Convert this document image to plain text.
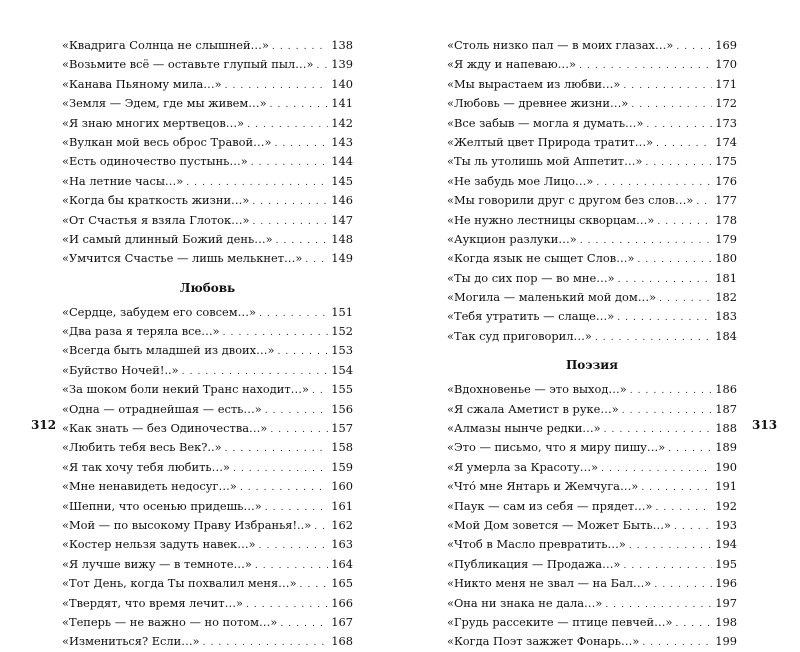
«Квадрига Солнца не слышней…» . . .	138
«Возьмите всё — оставьте глупый пыл…» . . . 139
«Канава Пьяному мила…» . . .	140
«Земля — Эдем, где мы живем…» . . .	141
«Я знаю многих мертвецов…» . . .	142
«Вулкан мой весь оброс Травой…» . . .	143
«Есть одиночество пустынь…» . . .	144
«На летние часы…» . . .	145
«Когда бы краткость жизни…» . . .	146
«От Счастья я взяла Глоток…» . . .	147
«И самый длинный Божий день…» . . .	148
«Умчится Счастье — лишь мелькнет…» . . .	149
Любовь
«Сердце, забудем его совсем…» . . .	151
«Два раза я теряла все…» . . .	152
«Всегда быть младшей из двоих…» . . .	153
«Буйство Ночей!..» . . .	154
«За шоком боли некий Транс находит…» . . . 155
«Одна — отраднейшая — есть…» . . .	156
«Как знать — без Одиночества…» . . .	157
«Любить тебя весь Век?..» . . .	158
«Я так хочу тебя любить…» . . .	159
«Мне ненавидеть недосуг…» . . .	160
«Шепни, что осенью придешь…» . . .	161
«Мой — по высокому Праву Избранья!..» . . . 162
«Костер нельзя задуть навек…» . . .	163
«Я лучше вижу — в темноте…» . . .	164
«Тот День, когда Ты похвалил меня…» . . .	165
«Твердят, что время лечит…» . . .	166
«Теперь — не важно — но потом…» . . .	167
«Измениться? Если…» . . .	168
«Столь низко пал — в моих глазах…» . . .	169
«Я жду и напеваю…» . . .	170
«Мы вырастаем из любви…» . . .	171
«Любовь — древнее жизни…» . . .	172
«Все забыв — могла я думать…» . . .	173
«Желтый цвет Природа тратит…» . . .	174
«Ты ль утолишь мой Аппетит…» . . .	175
«Не забудь мое Лицо…» . . .	176
«Мы говорили друг с другом без слов…» . . . 177
«Не нужно лестницы скворцам…» . . .	178
«Аукцион разлуки…» . . .	179
«Когда язык не сыщет Слов…» . . .	180
«Ты до сих пор — во мне…» . . .	181
«Могила — маленький мой дом…» . . .	182
«Тебя утратить — слаще…» . . .	183
«Так суд приговорил…» . . .	184
Поэзия
«Вдохновенье — это выход…» . . .	186
«Я сжала Аметист в руке…» . . .	187
«Алмазы нынче редки…» . . .	188
«Это — письмо, что я миру пишу…» . . .	189
«Я умерла за Красоту…» . . .	190
«Что́ мне Янтарь и Жемчуга…» . . .	191
«Паук — сам из себя — прядет…» . . .	192
«Мой Дом зовется — Может Быть…» . . .	193
«Чтоб в Масло превратить…» . . .	194
«Публикация — Продажа…» . . .	195
«Никто меня не звал — на Бал…» . . .	196
«Она ни знака не дала…» . . .	197
«Грудь рассеките — птице певчей…» . . .	198
«Когда Поэт зажжет Фонарь…» . . .	199
312	313
